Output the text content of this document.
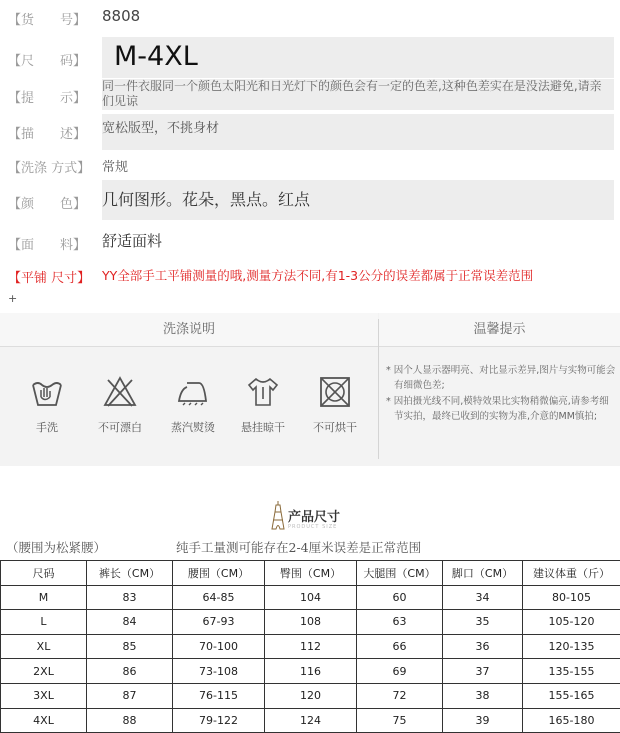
【货　　号】	8808
【尺　　码】	M-4XL
【提　　示】
同一件衣服同一个颜色太阳光和日光灯下的颜色会有一定的色差,这种色差实在是没法避免,请亲们见谅
【描　　述】	宽松版型，不挑身材
【洗涤 方式】 常规
【颜　　色】 几何图形。花朵，黑点。红点
【面　　料】	舒适面料
【平铺 尺寸】 YY全部手工平铺测量的哦,测量方法不同,有1-3公分的误差都属于正常误差范围
+
洗涤说明	温馨提示
手洗	不可漂白	蒸汽熨烫	悬挂晾干	不可烘干

* 因个人显示器明亮、对比显示差异,图片与实物可能会有细微色差;

* 因拍摄光线不同,模特效果比实物稍微偏亮,请参考细节实拍，最终已收到的实物为准,介意的MM慎拍;

产品尺寸
PRODUCT SIZE
（腰围为松紧腰）	纯手工量测可能存在2-4厘米误差是正常范围
尺码	裤长（CM）	腰围（CM）	臀围（CM）	大腿围（CM）	脚口（CM）	建议体重（斤）
M	83	64-85	104	60	34	80-105
L	84	67-93	108	63	35	105-120
XL	85	70-100	112	66	36	120-135
2XL	86	73-108	116	69	37	135-155
3XL	87	76-115	120	72	38	155-165
4XL	88	79-122	124	75	39	165-180
